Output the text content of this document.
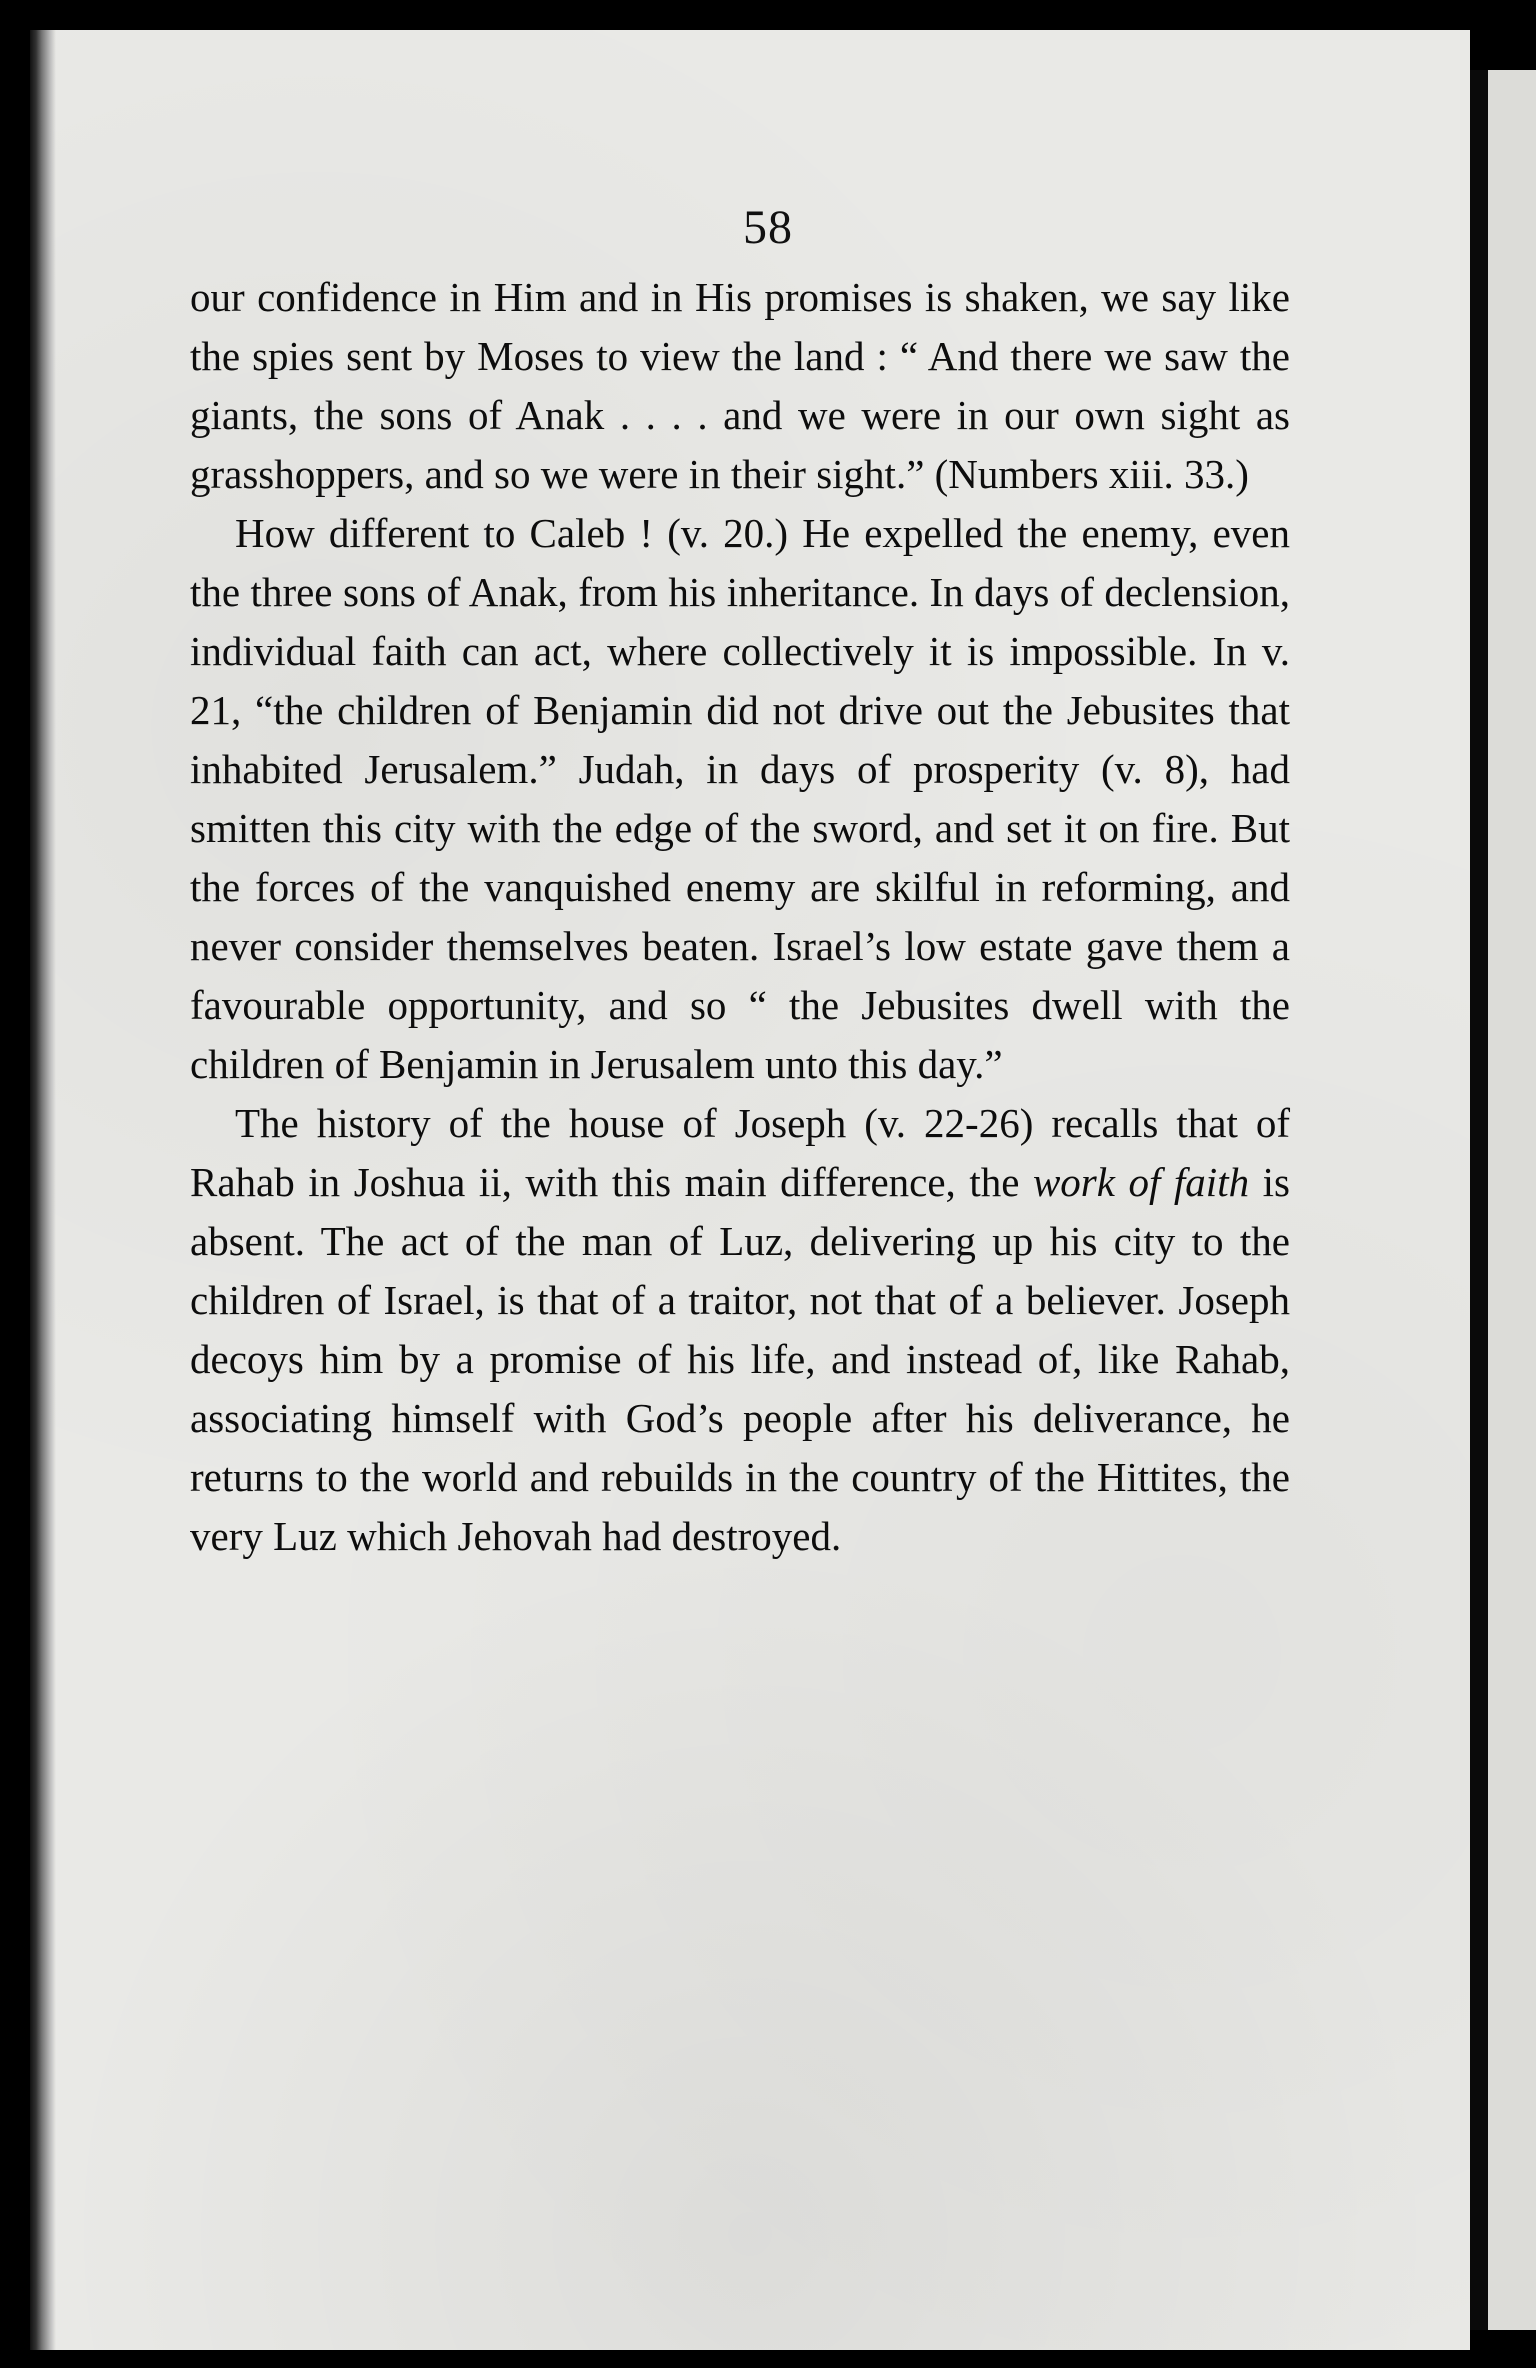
58

our confidence in Him and in His promises is shaken, we say like the spies sent by Moses to view the land : “ And there we saw the giants, the sons of Anak . . . . and we were in our own sight as grasshoppers, and so we were in their sight.” (Numbers xiii. 33.)

How different to Caleb ! (v. 20.) He expelled the enemy, even the three sons of Anak, from his inheritance. In days of declension, individual faith can act, where collectively it is impossible. In v. 21, “the children of Benjamin did not drive out the Jebusites that inhabited Jerusalem.” Judah, in days of prosperity (v. 8), had smitten this city with the edge of the sword, and set it on fire. But the forces of the vanquished enemy are skilful in reforming, and never consider themselves beaten. Israel’s low estate gave them a favourable opportunity, and so “ the Jebusites dwell with the children of Benjamin in Jerusalem unto this day.”

The history of the house of Joseph (v. 22-26) recalls that of Rahab in Joshua ii, with this main difference, the work of faith is absent. The act of the man of Luz, delivering up his city to the children of Israel, is that of a traitor, not that of a believer. Joseph decoys him by a promise of his life, and instead of, like Rahab, associating himself with God’s people after his deliverance, he returns to the world and rebuilds in the country of the Hittites, the very Luz which Jehovah had destroyed.
